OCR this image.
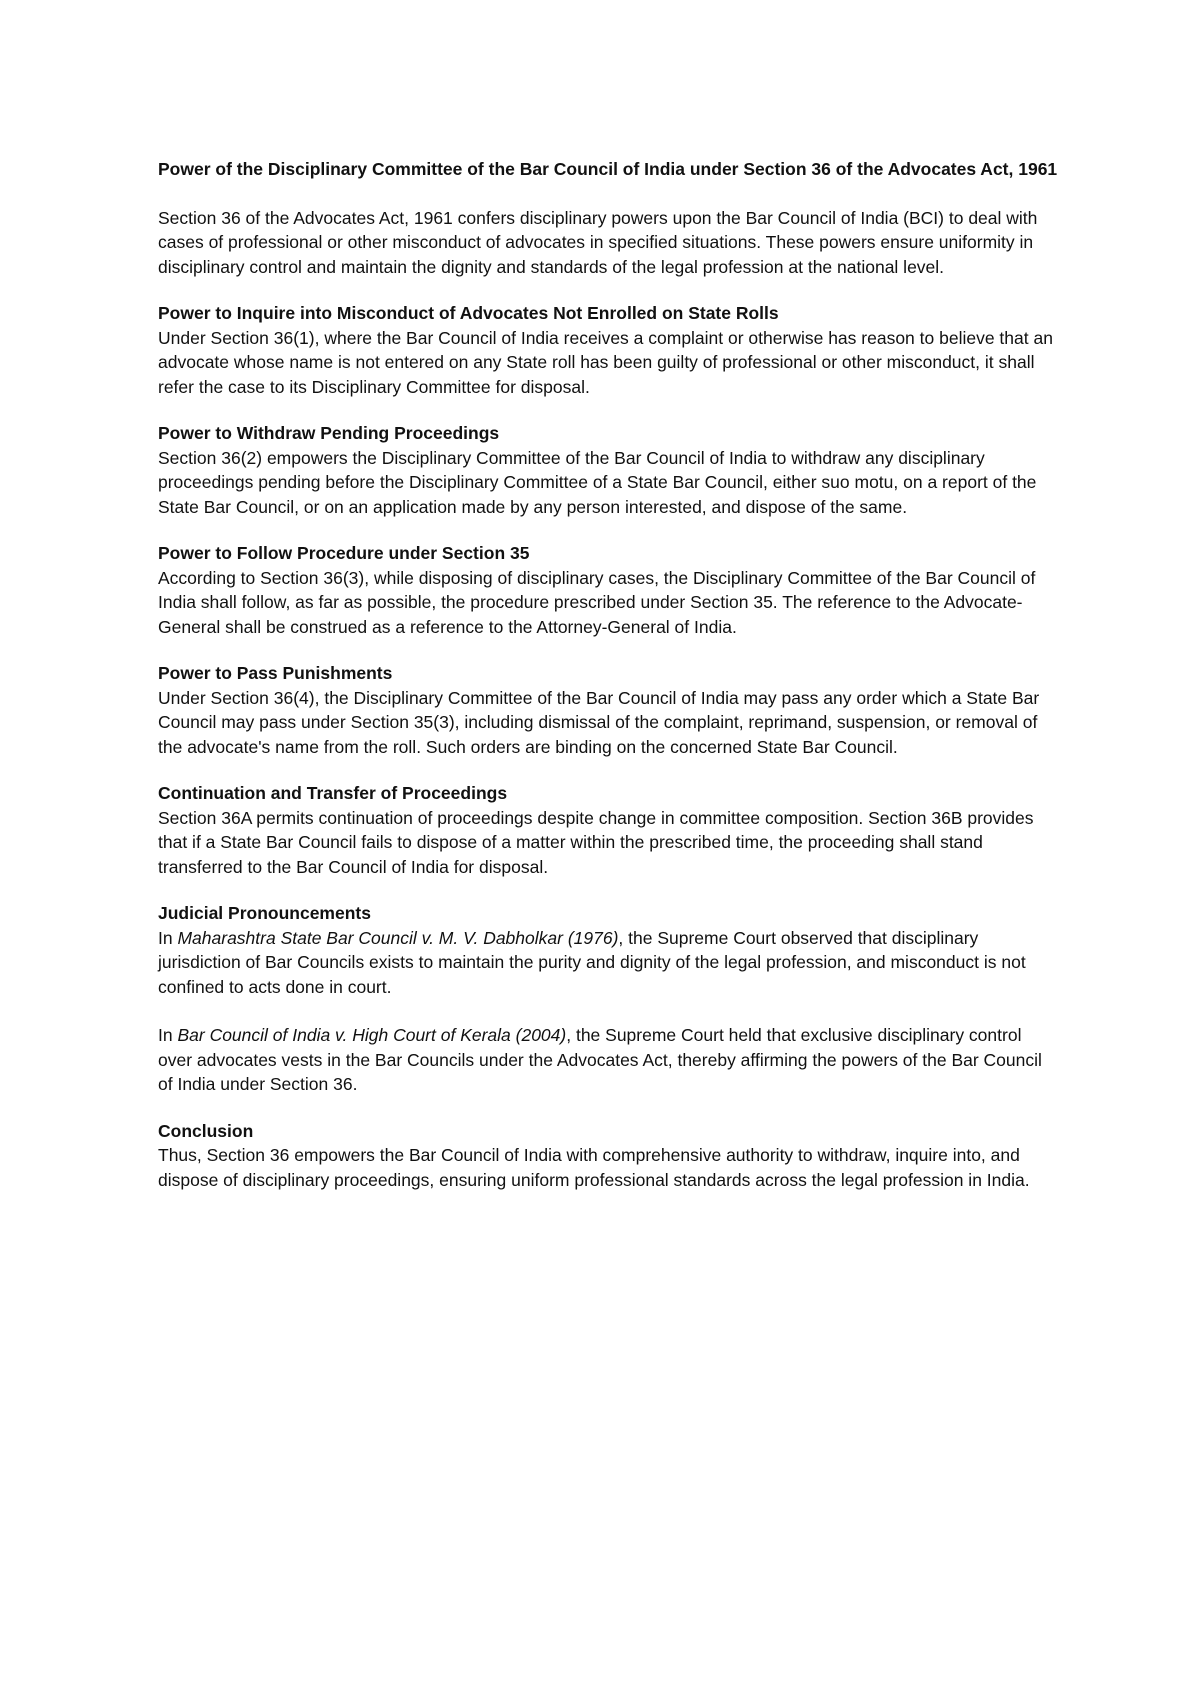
Power of the Disciplinary Committee of the Bar Council of India under Section 36 of the Advocates Act, 1961

Section 36 of the Advocates Act, 1961 confers disciplinary powers upon the Bar Council of India (BCI) to deal with cases of professional or other misconduct of advocates in specified situations. These powers ensure uniformity in disciplinary control and maintain the dignity and standards of the legal profession at the national level.

Power to Inquire into Misconduct of Advocates Not Enrolled on State Rolls

Under Section 36(1), where the Bar Council of India receives a complaint or otherwise has reason to believe that an advocate whose name is not entered on any State roll has been guilty of professional or other misconduct, it shall refer the case to its Disciplinary Committee for disposal.

Power to Withdraw Pending Proceedings

Section 36(2) empowers the Disciplinary Committee of the Bar Council of India to withdraw any disciplinary proceedings pending before the Disciplinary Committee of a State Bar Council, either suo motu, on a report of the State Bar Council, or on an application made by any person interested, and dispose of the same.

Power to Follow Procedure under Section 35

According to Section 36(3), while disposing of disciplinary cases, the Disciplinary Committee of the Bar Council of India shall follow, as far as possible, the procedure prescribed under Section 35. The reference to the Advocate-General shall be construed as a reference to the Attorney-General of India.

Power to Pass Punishments

Under Section 36(4), the Disciplinary Committee of the Bar Council of India may pass any order which a State Bar Council may pass under Section 35(3), including dismissal of the complaint, reprimand, suspension, or removal of the advocate's name from the roll. Such orders are binding on the concerned State Bar Council.

Continuation and Transfer of Proceedings

Section 36A permits continuation of proceedings despite change in committee composition. Section 36B provides that if a State Bar Council fails to dispose of a matter within the prescribed time, the proceeding shall stand transferred to the Bar Council of India for disposal.

Judicial Pronouncements

In Maharashtra State Bar Council v. M. V. Dabholkar (1976), the Supreme Court observed that disciplinary jurisdiction of Bar Councils exists to maintain the purity and dignity of the legal profession, and misconduct is not confined to acts done in court.

In Bar Council of India v. High Court of Kerala (2004), the Supreme Court held that exclusive disciplinary control over advocates vests in the Bar Councils under the Advocates Act, thereby affirming the powers of the Bar Council of India under Section 36.

Conclusion

Thus, Section 36 empowers the Bar Council of India with comprehensive authority to withdraw, inquire into, and dispose of disciplinary proceedings, ensuring uniform professional standards across the legal profession in India.
